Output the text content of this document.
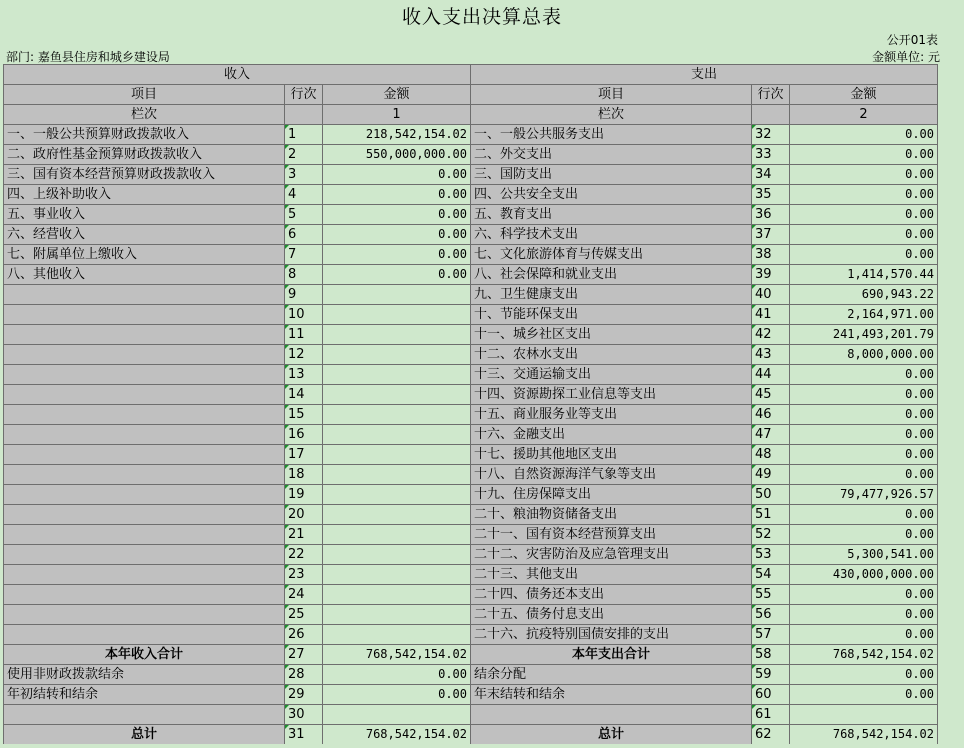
收入支出决算总表
公开01表
部门: 嘉鱼县住房和城乡建设局	金额单位: 元
收入			支出		
项目	行次	金额	项目	行次	金额
栏次		1	栏次		2
一、一般公共预算财政拨款收入	1	218,542,154.02	一、一般公共服务支出	32	0.00
二、政府性基金预算财政拨款收入	2	550,000,000.00	二、外交支出	33	0.00
三、国有资本经营预算财政拨款收入	3	0.00	三、国防支出	34	0.00
四、上级补助收入	4	0.00	四、公共安全支出	35	0.00
五、事业收入	5	0.00	五、教育支出	36	0.00
六、经营收入	6	0.00	六、科学技术支出	37	0.00
七、附属单位上缴收入	7	0.00	七、文化旅游体育与传媒支出	38	0.00
八、其他收入	8	0.00	八、社会保障和就业支出	39	1,414,570.44
	9		九、卫生健康支出	40	690,943.22
	10		十、节能环保支出	41	2,164,971.00
	11		十一、城乡社区支出	42	241,493,201.79
	12		十二、农林水支出	43	8,000,000.00
	13		十三、交通运输支出	44	0.00
	14		十四、资源勘探工业信息等支出	45	0.00
	15		十五、商业服务业等支出	46	0.00
	16		十六、金融支出	47	0.00
	17		十七、援助其他地区支出	48	0.00
	18		十八、自然资源海洋气象等支出	49	0.00
	19		十九、住房保障支出	50	79,477,926.57
	20		二十、粮油物资储备支出	51	0.00
	21		二十一、国有资本经营预算支出	52	0.00
	22		二十二、灾害防治及应急管理支出	53	5,300,541.00
	23		二十三、其他支出	54	430,000,000.00
	24		二十四、债务还本支出	55	0.00
	25		二十五、债务付息支出	56	0.00
	26		二十六、抗疫特别国债安排的支出	57	0.00
本年收入合计	27	768,542,154.02	本年支出合计	58	768,542,154.02
使用非财政拨款结余	28	0.00	结余分配	59	0.00
年初结转和结余	29	0.00	年末结转和结余	60	0.00
	30			61	
总计	31	768,542,154.02	总计	62	768,542,154.02
